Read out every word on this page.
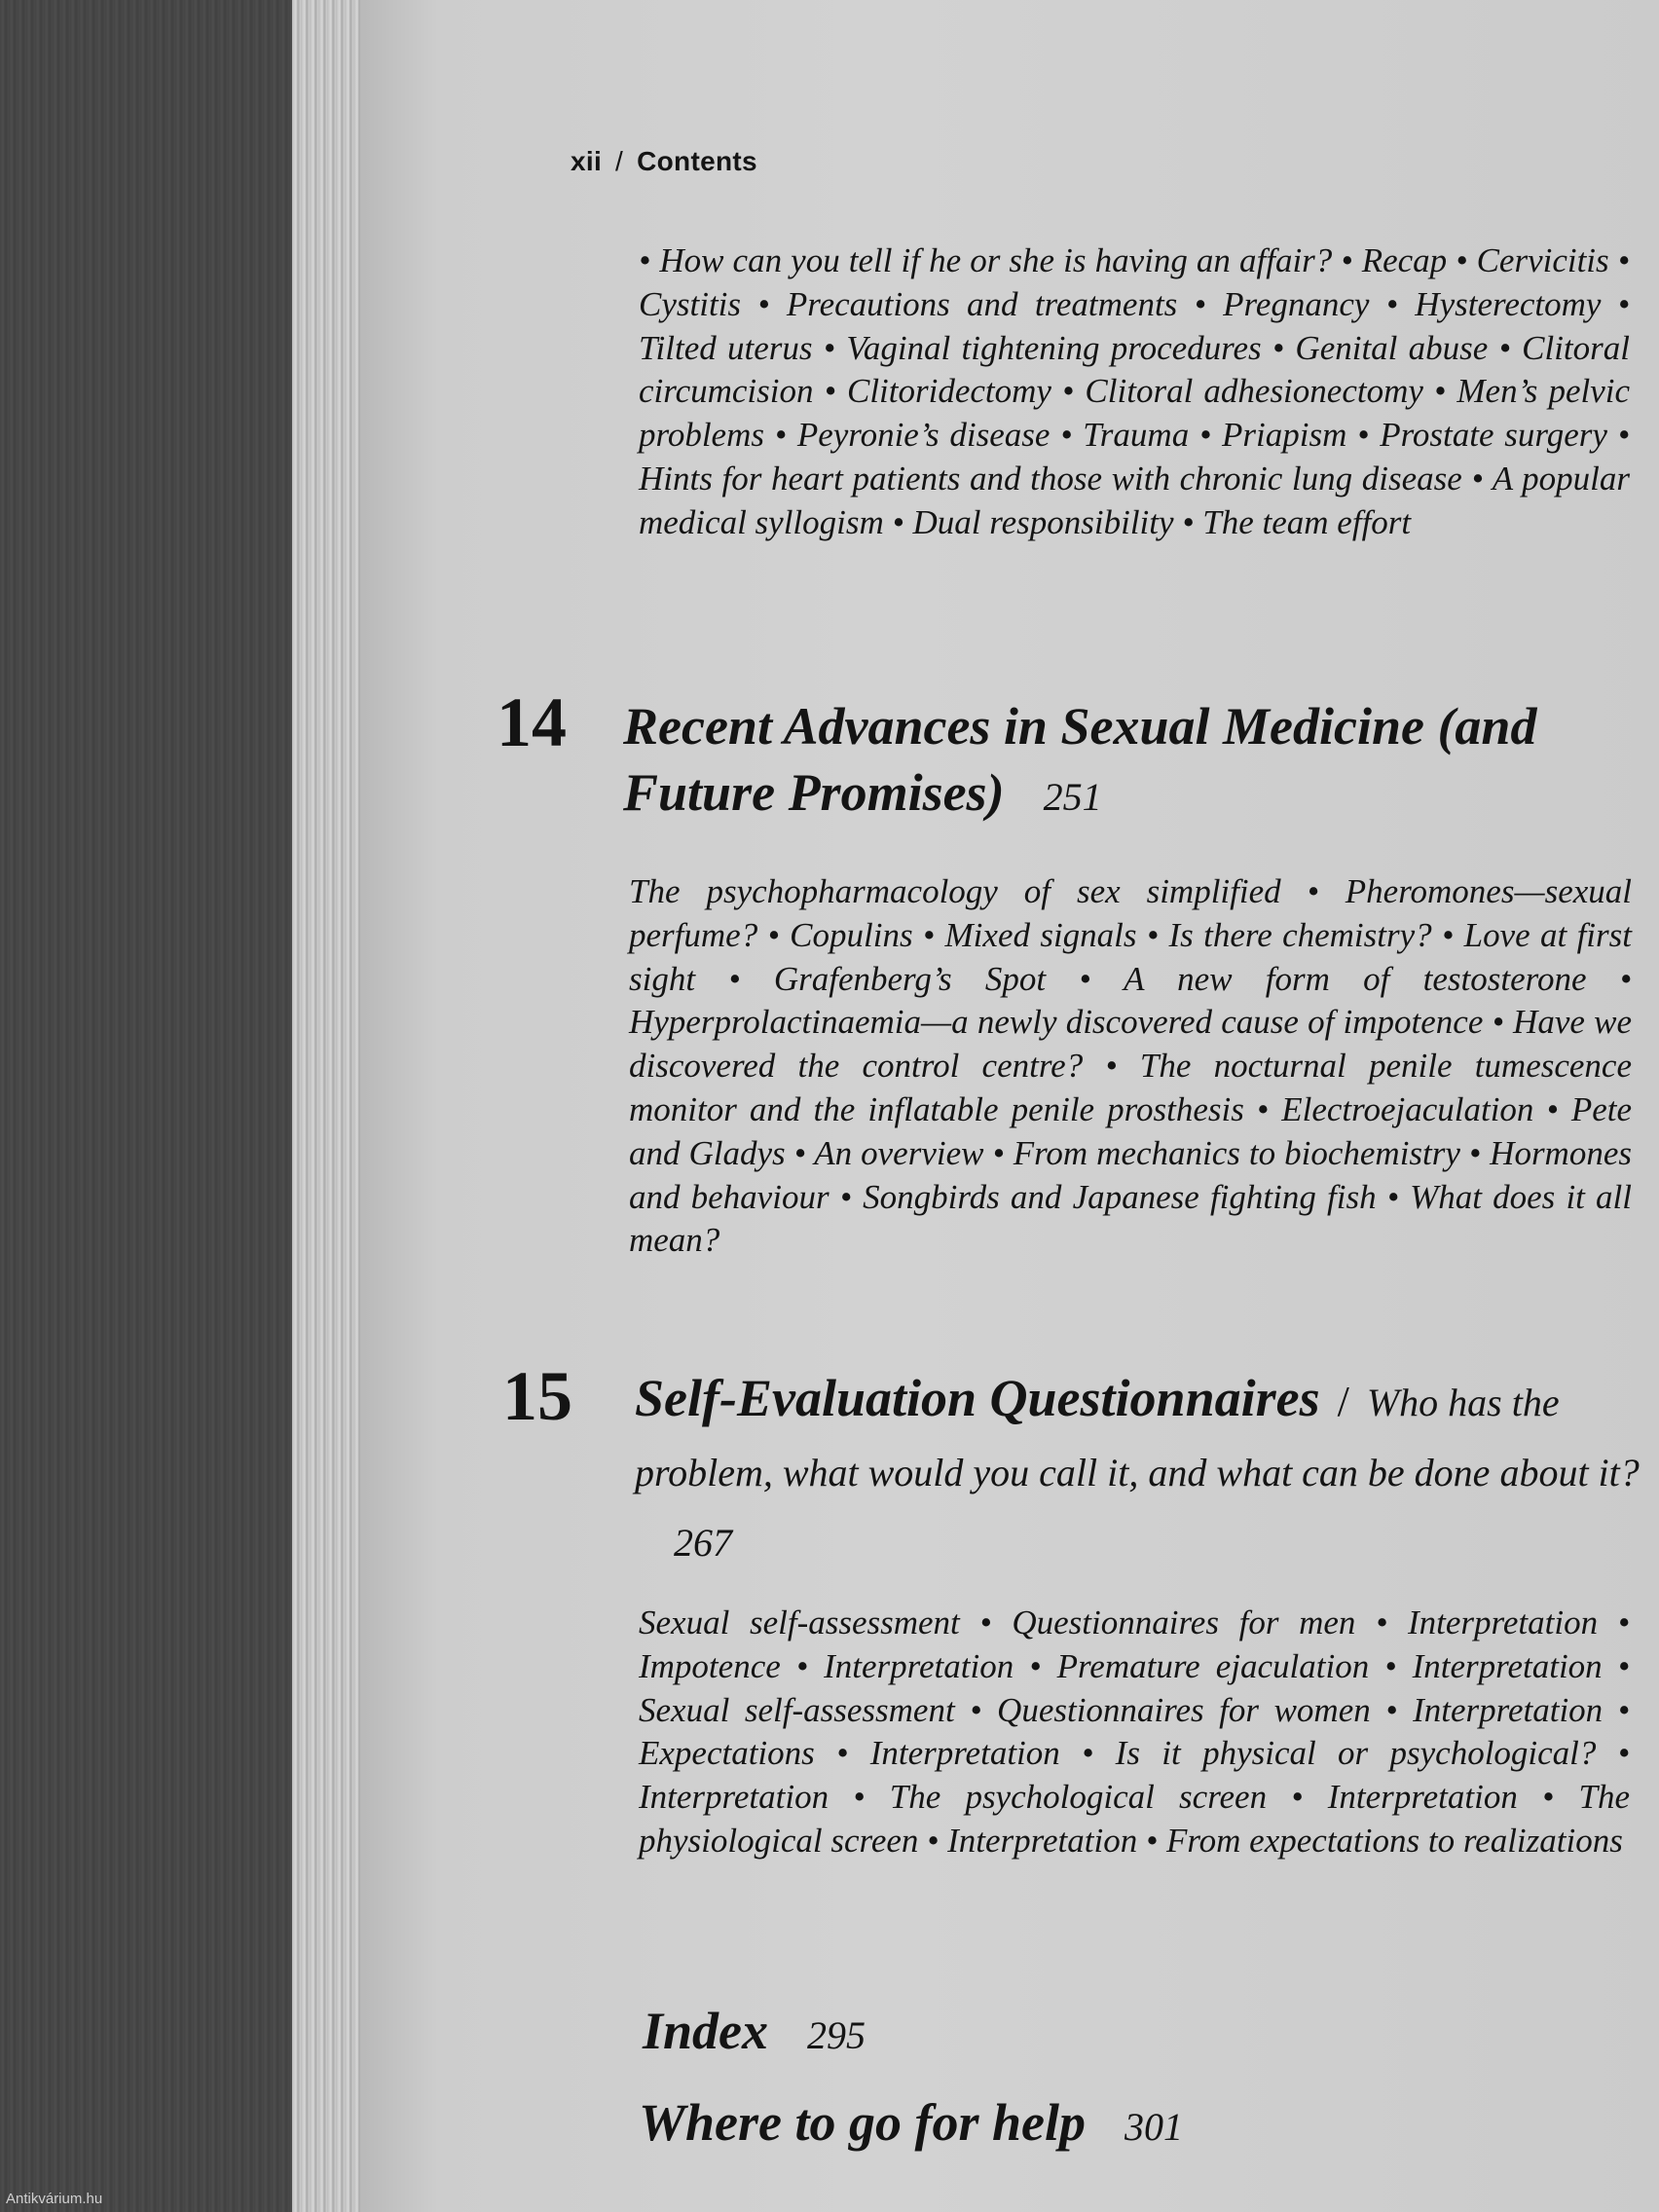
xii / Contents
• How can you tell if he or she is having an affair? • Recap • Cervicitis • Cystitis • Precautions and treatments • Pregnancy • Hysterectomy • Tilted uterus • Vaginal tightening procedures • Genital abuse • Clitoral circumcision • Clitoridectomy • Clitoral adhesionectomy • Men’s pelvic problems • Peyronie’s disease • Trauma • Priapism • Prostate surgery • Hints for heart patients and those with chronic lung disease • A popular medical syllogism • Dual responsibility • The team effort
14 Recent Advances in Sexual Medicine (and Future Promises) 251
The psychopharmacology of sex simplified • Pheromones—sexual perfume? • Copulins • Mixed signals • Is there chemistry? • Love at first sight • Grafenberg’s Spot • A new form of testosterone • Hyperprolactinaemia—a newly discovered cause of impotence • Have we discovered the control centre? • The nocturnal penile tumescence monitor and the inflatable penile prosthesis • Electroejaculation • Pete and Gladys • An overview • From mechanics to biochemistry • Hormones and behaviour • Songbirds and Japanese fighting fish • What does it all mean?
15 Self-Evaluation Questionnaires / Who has the problem, what would you call it, and what can be done about it?267
Sexual self-assessment • Questionnaires for men • Interpretation • Impotence • Interpretation • Premature ejaculation • Interpretation • Sexual self-assessment • Questionnaires for women • Interpretation • Expectations • Interpretation • Is it physical or psychological? • Interpretation • The psychological screen • Interpretation • The physiological screen • Interpretation • From expectations to realizations
Index 295
Where to go for help 301
Antikvárium.hu
